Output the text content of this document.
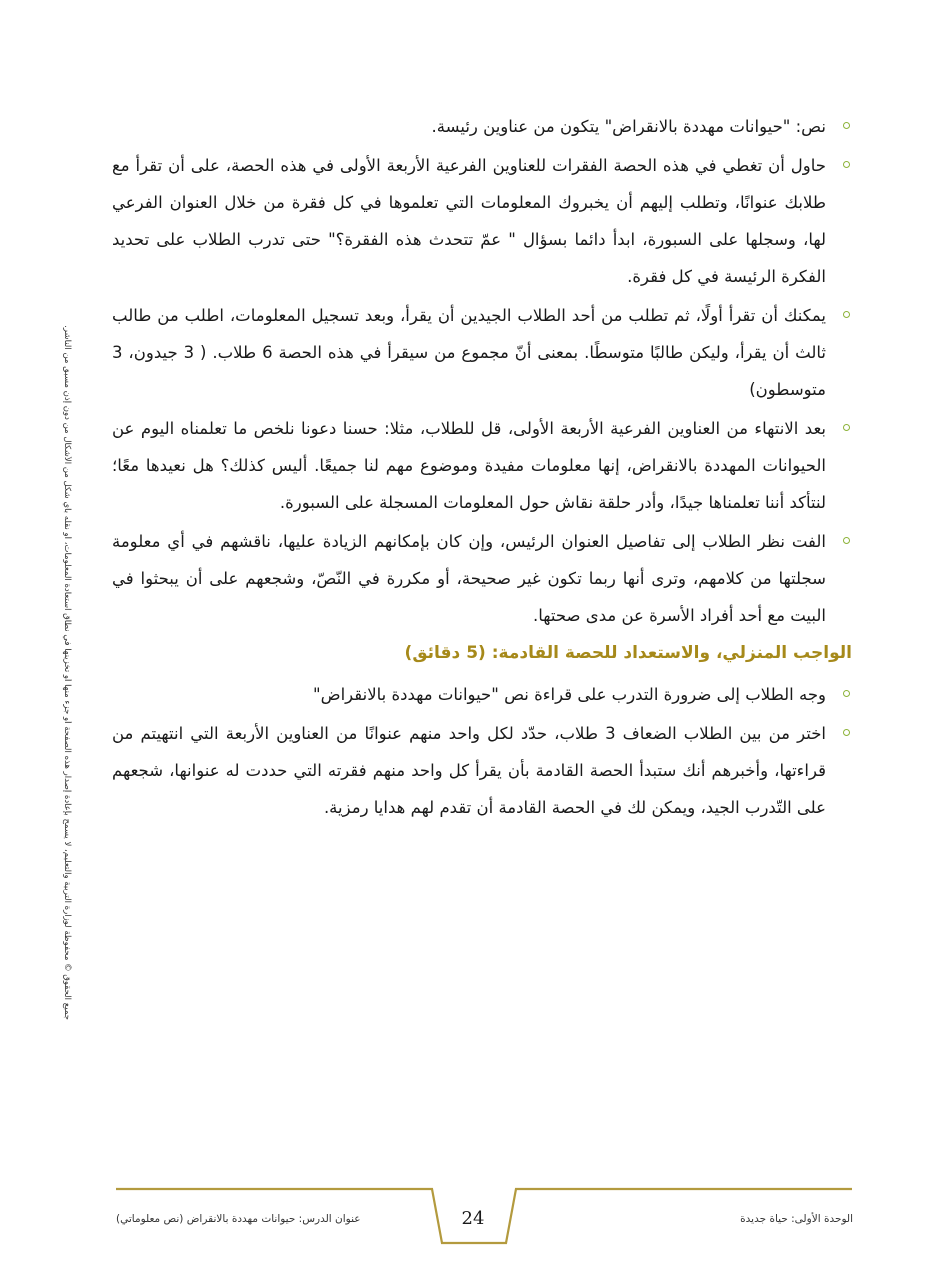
نص: "حيوانات مهددة بالانقراض" يتكون من عناوين رئيسة.
حاول أن تغطي في هذه الحصة الفقرات للعناوين الفرعية الأربعة الأولى في هذه الحصة، على أن تقرأ مع طلابك عنوانًا، وتطلب إليهم أن يخبروك المعلومات التي تعلموها في كل فقرة من خلال العنوان الفرعي لها، وسجلها على السبورة، ابدأ دائما بسؤال " عمّ تتحدث هذه الفقرة؟" حتى تدرب الطلاب على تحديد الفكرة الرئيسة في كل فقرة.
يمكنك أن تقرأ أولًا، ثم تطلب من أحد الطلاب الجيدين أن يقرأ، وبعد تسجيل المعلومات، اطلب من طالب ثالث أن يقرأ، وليكن طالبًا متوسطًا. بمعنى أنّ مجموع من سيقرأ في هذه الحصة 6 طلاب. ( 3 جيدون، 3 متوسطون)
بعد الانتهاء من العناوين الفرعية الأربعة الأولى، قل للطلاب، مثلا: حسنا دعونا نلخص ما تعلمناه اليوم عن الحيوانات المهددة بالانقراض، إنها معلومات مفيدة وموضوع مهم لنا جميعًا. أليس كذلك؟ هل نعيدها معًا؛ لنتأكد أننا تعلمناها جيدًا، وأدر حلقة نقاش حول المعلومات المسجلة على السبورة.
الفت نظر الطلاب إلى تفاصيل العنوان الرئيس، وإن كان بإمكانهم الزيادة عليها، ناقشهم في أي معلومة سجلتها من كلامهم، وترى أنها ربما تكون غير صحيحة، أو مكررة في النّصّ، وشجعهم على أن يبحثوا في البيت مع أحد أفراد الأسرة عن مدى صحتها.
الواجب المنزلي، والاستعداد للحصة القادمة: (5 دقائق)
وجه الطلاب إلى ضرورة التدرب على قراءة نص "حيوانات مهددة بالانقراض"
اختر من بين الطلاب الضعاف 3 طلاب، حدّد لكل واحد منهم عنوانًا من العناوين الأربعة التي انتهيتم من قراءتها، وأخبرهم أنك ستبدأ الحصة القادمة بأن يقرأ كل واحد منهم فقرته التي حددت له عنوانها، شجعهم على التّدرب الجيد، ويمكن لك في الحصة القادمة أن تقدم لهم هدايا رمزية.
جميع الحقوق © محفوظة لوزارة التربية والتعليم، لا يسمح بإعادة إصدار هذه الصفحة أو جزء منها أو تخزينها في نطاق استعادة المعلومات، أو نقله بأي شكل من الأشكال من دون إذن مسبق من الناشر.
عنوان الدرس: حيوانات مهددة بالانقراض (نص معلوماتي)	24	الوحدة الأولى: حياة جديدة
